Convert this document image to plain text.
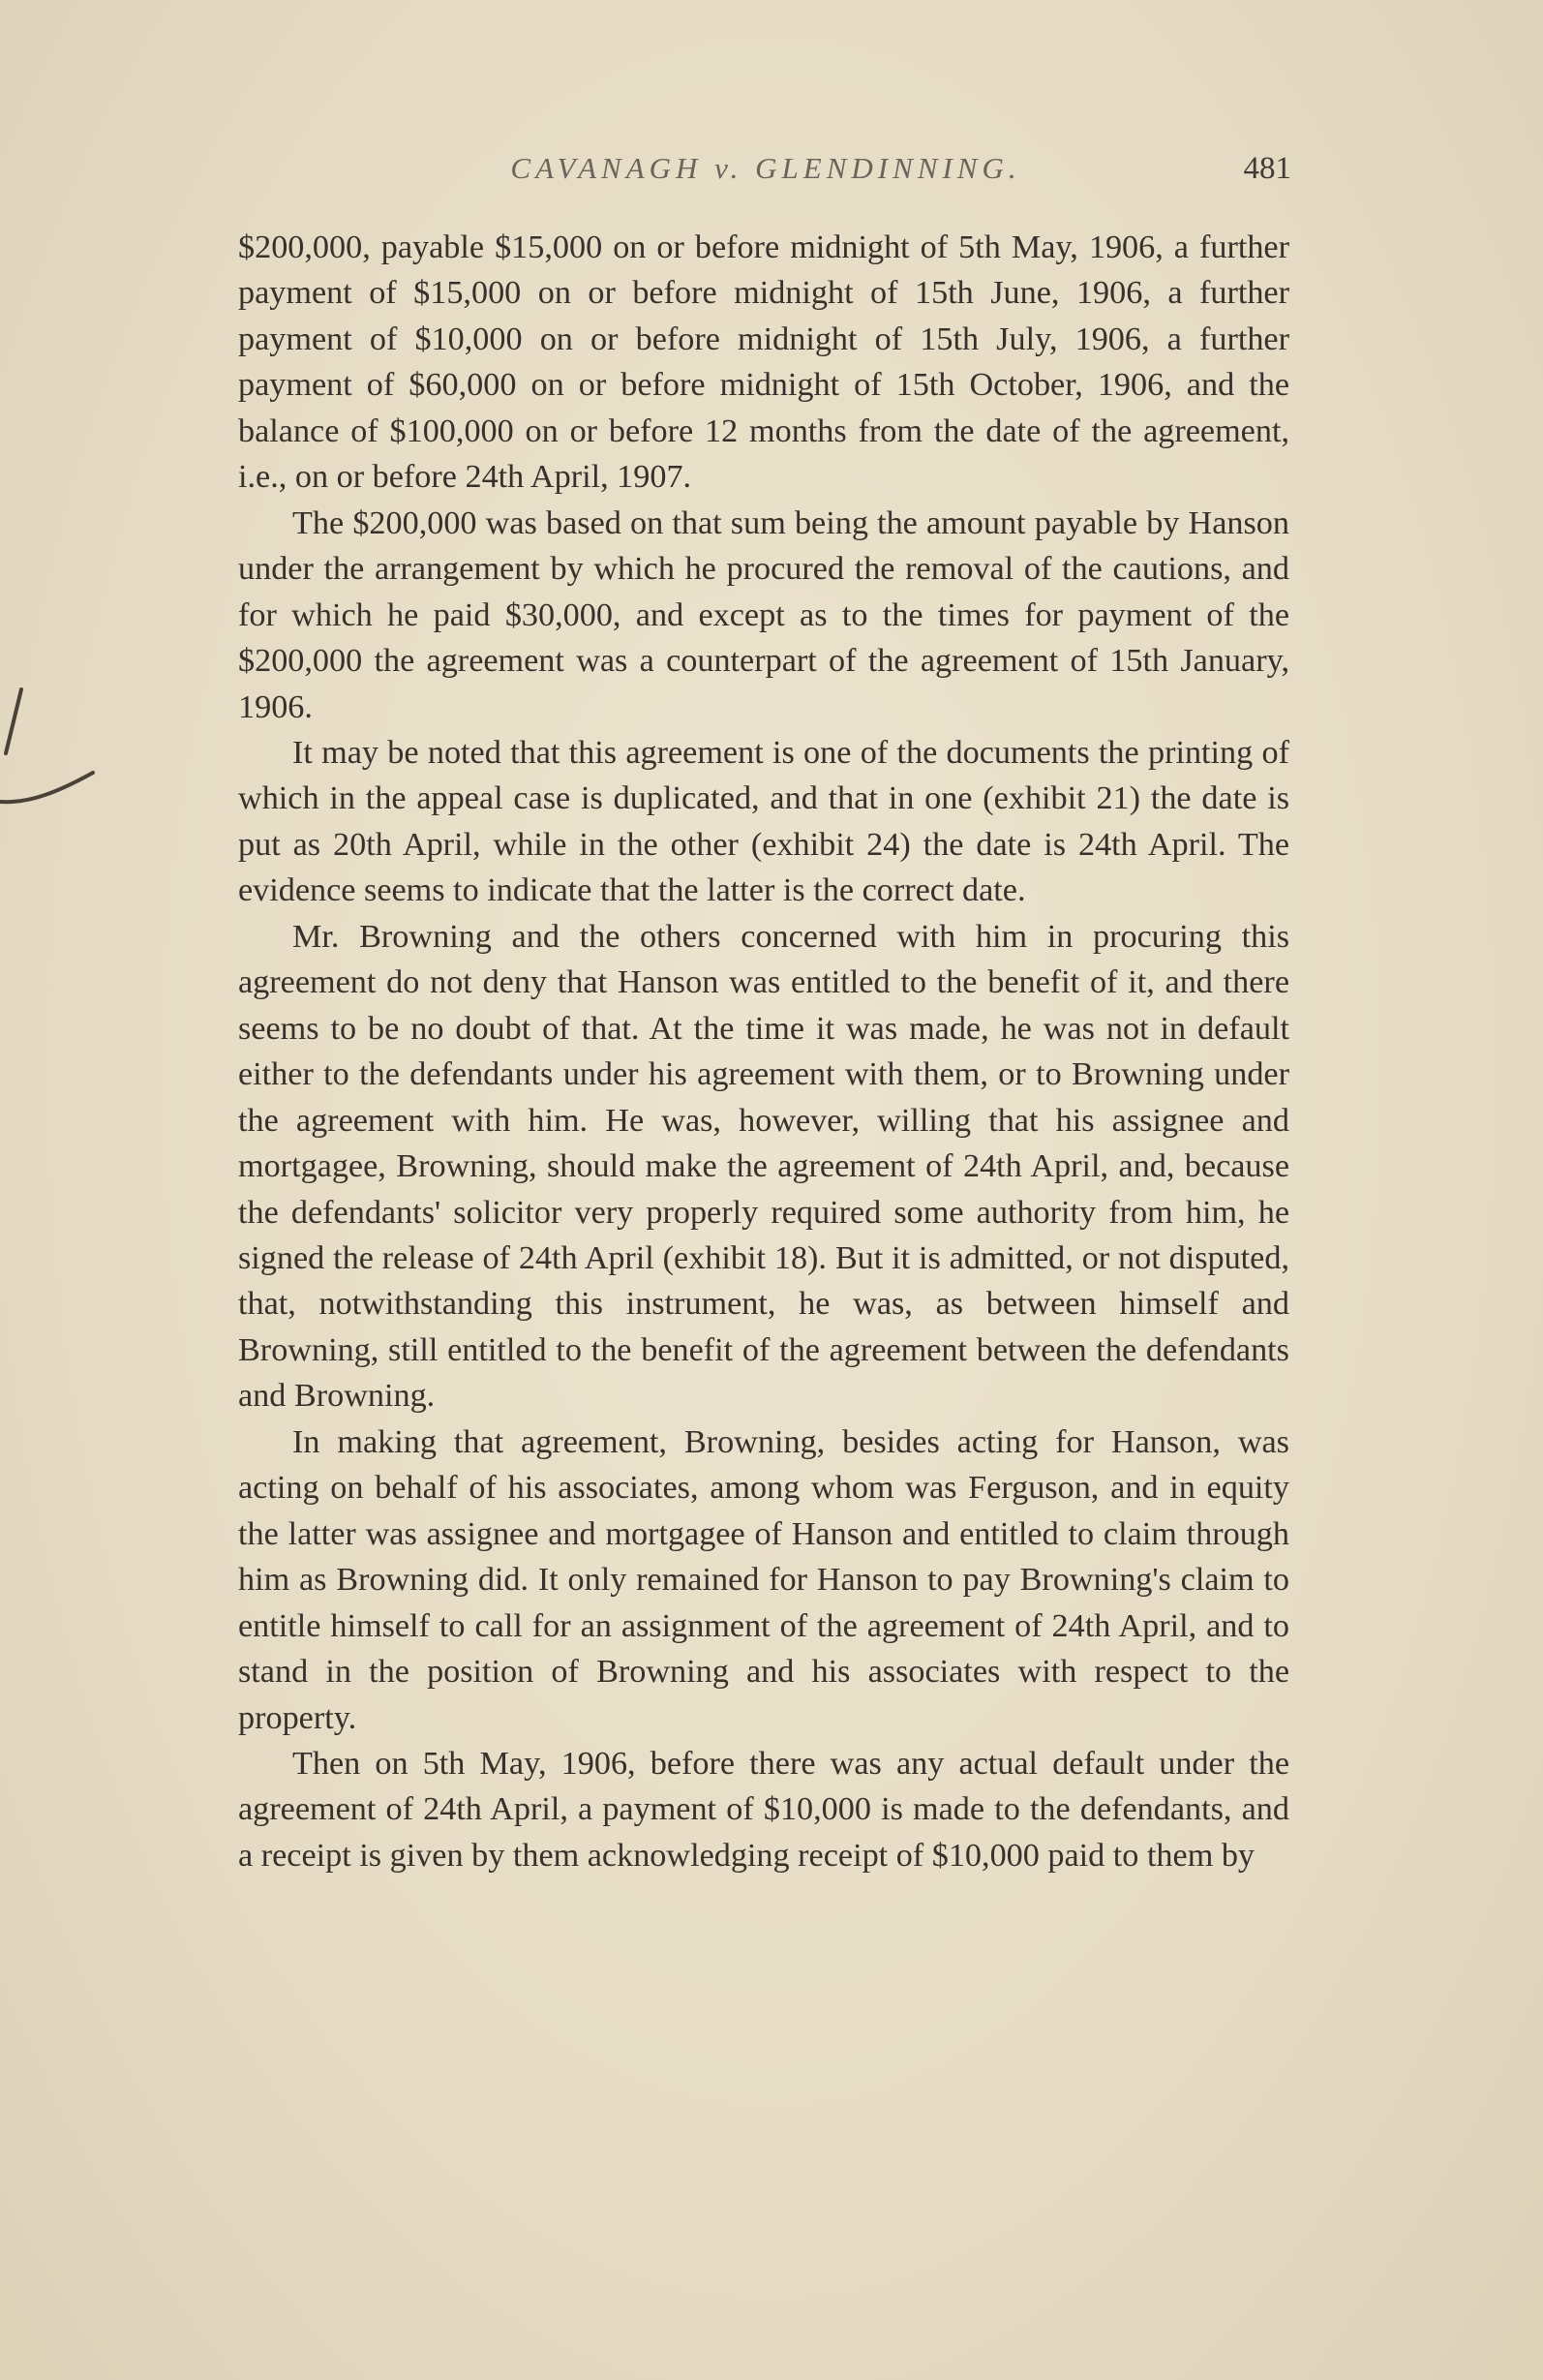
CAVANAGH v. GLENDINNING.	481

$200,000, payable $15,000 on or before midnight of 5th May, 1906, a further payment of $15,000 on or before midnight of 15th June, 1906, a further payment of $10,000 on or before midnight of 15th July, 1906, a further payment of $60,000 on or before midnight of 15th October, 1906, and the balance of $100,000 on or before 12 months from the date of the agreement, i.e., on or before 24th April, 1907.

The $200,000 was based on that sum being the amount payable by Hanson under the arrangement by which he procured the removal of the cautions, and for which he paid $30,000, and except as to the times for payment of the $200,000 the agreement was a counterpart of the agreement of 15th January, 1906.

It may be noted that this agreement is one of the documents the printing of which in the appeal case is duplicated, and that in one (exhibit 21) the date is put as 20th April, while in the other (exhibit 24) the date is 24th April. The evidence seems to indicate that the latter is the correct date.

Mr. Browning and the others concerned with him in procuring this agreement do not deny that Hanson was entitled to the benefit of it, and there seems to be no doubt of that. At the time it was made, he was not in default either to the defendants under his agreement with them, or to Browning under the agreement with him. He was, however, willing that his assignee and mortgagee, Browning, should make the agreement of 24th April, and, because the defendants' solicitor very properly required some authority from him, he signed the release of 24th April (exhibit 18). But it is admitted, or not disputed, that, notwithstanding this instrument, he was, as between himself and Browning, still entitled to the benefit of the agreement between the defendants and Browning.

In making that agreement, Browning, besides acting for Hanson, was acting on behalf of his associates, among whom was Ferguson, and in equity the latter was assignee and mortgagee of Hanson and entitled to claim through him as Browning did. It only remained for Hanson to pay Browning's claim to entitle himself to call for an assignment of the agreement of 24th April, and to stand in the position of Browning and his associates with respect to the property.

Then on 5th May, 1906, before there was any actual default under the agreement of 24th April, a payment of $10,000 is made to the defendants, and a receipt is given by them acknowledging receipt of $10,000 paid to them by
